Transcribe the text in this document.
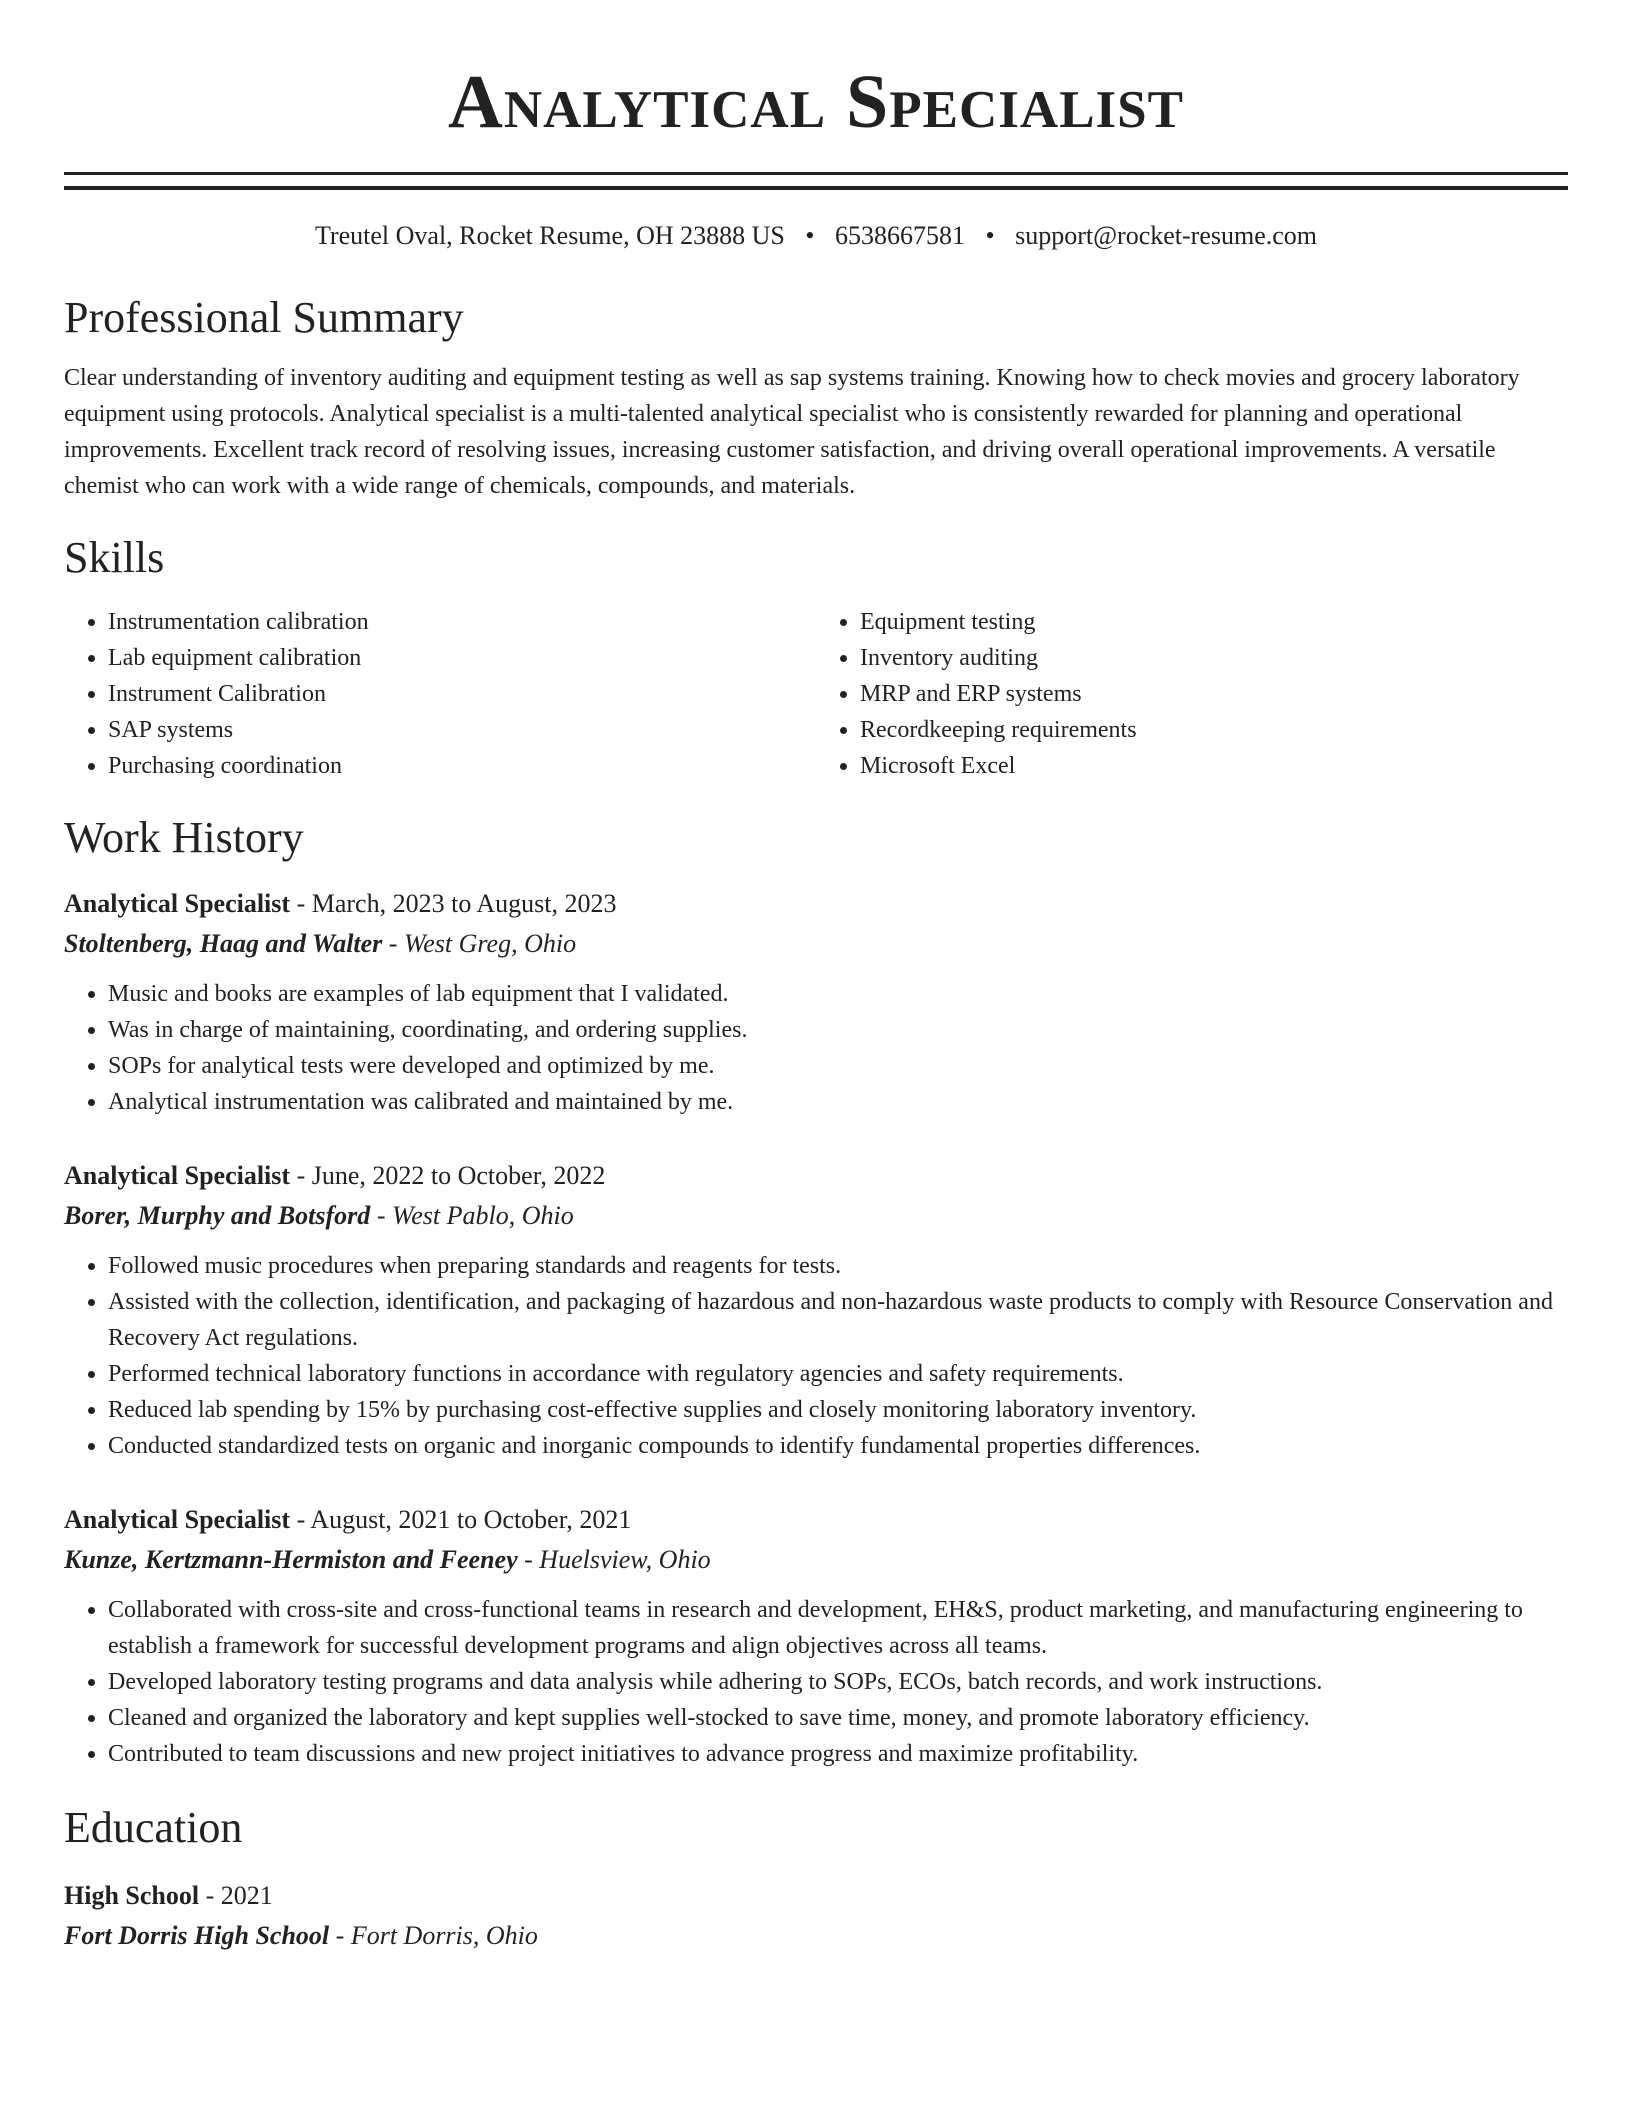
Analytical Specialist
Treutel Oval, Rocket Resume, OH 23888 US • 6538667581 • support@rocket-resume.com
Professional Summary

Clear understanding of inventory auditing and equipment testing as well as sap systems training. Knowing how to check movies and grocery laboratory equipment using protocols. Analytical specialist is a multi-talented analytical specialist who is consistently rewarded for planning and operational improvements. Excellent track record of resolving issues, increasing customer satisfaction, and driving overall operational improvements. A versatile chemist who can work with a wide range of chemicals, compounds, and materials.

Skills
• Instrumentation calibration
• Lab equipment calibration
• Instrument Calibration
• SAP systems
• Purchasing coordination
• Equipment testing
• Inventory auditing
• MRP and ERP systems
• Recordkeeping requirements
• Microsoft Excel
Work History
Analytical Specialist - March, 2023 to August, 2023
Stoltenberg, Haag and Walter - West Greg, Ohio
• Music and books are examples of lab equipment that I validated.
• Was in charge of maintaining, coordinating, and ordering supplies.
• SOPs for analytical tests were developed and optimized by me.
• Analytical instrumentation was calibrated and maintained by me.
Analytical Specialist - June, 2022 to October, 2022
Borer, Murphy and Botsford - West Pablo, Ohio
• Followed music procedures when preparing standards and reagents for tests.
• Assisted with the collection, identification, and packaging of hazardous and non-hazardous waste products to comply with Resource Conservation and Recovery Act regulations.
• Performed technical laboratory functions in accordance with regulatory agencies and safety requirements.
• Reduced lab spending by 15% by purchasing cost-effective supplies and closely monitoring laboratory inventory.
• Conducted standardized tests on organic and inorganic compounds to identify fundamental properties differences.
Analytical Specialist - August, 2021 to October, 2021
Kunze, Kertzmann-Hermiston and Feeney - Huelsview, Ohio
• Collaborated with cross-site and cross-functional teams in research and development, EH&S, product marketing, and manufacturing engineering to establish a framework for successful development programs and align objectives across all teams.
• Developed laboratory testing programs and data analysis while adhering to SOPs, ECOs, batch records, and work instructions.
• Cleaned and organized the laboratory and kept supplies well-stocked to save time, money, and promote laboratory efficiency.
• Contributed to team discussions and new project initiatives to advance progress and maximize profitability.
Education
High School - 2021
Fort Dorris High School - Fort Dorris, Ohio
